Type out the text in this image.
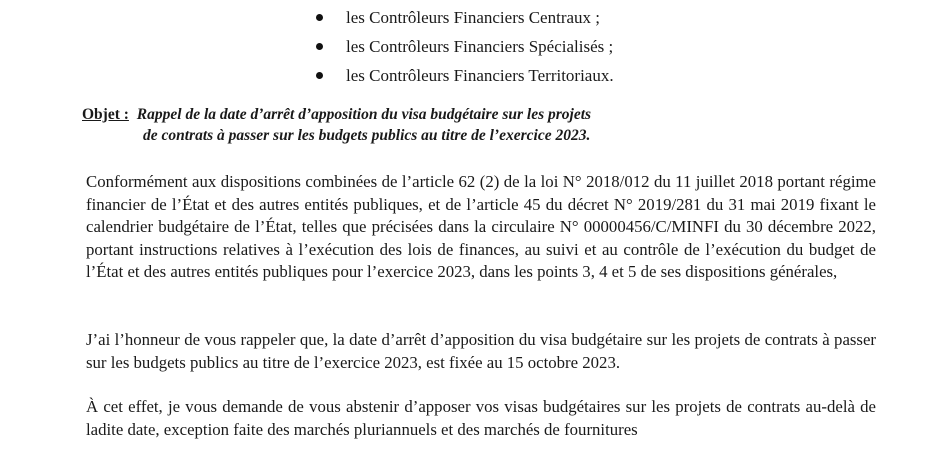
les Contrôleurs Financiers Centraux ;
les Contrôleurs Financiers Spécialisés ;
les Contrôleurs Financiers Territoriaux.
Objet : Rappel de la date d’arrêt d’apposition du visa budgétaire sur les projets
de contrats à passer sur les budgets publics au titre de l’exercice 2023.

Conformément aux dispositions combinées de l’article 62 (2) de la loi N° 2018/012 du 11 juillet 2018 portant régime financier de l’État et des autres entités publiques, et de l’article 45 du décret N° 2019/281 du 31 mai 2019 fixant le calendrier budgétaire de l’État, telles que précisées dans la circulaire N° 00000456/C/MINFI du 30 décembre 2022, portant instructions relatives à l’exécution des lois de finances, au suivi et au contrôle de l’exécution du budget de l’État et des autres entités publiques pour l’exercice 2023, dans les points 3, 4 et 5 de ses dispositions générales,

J’ai l’honneur de vous rappeler que, la date d’arrêt d’apposition du visa budgétaire sur les projets de contrats à passer sur les budgets publics au titre de l’exercice 2023, est fixée au 15 octobre 2023.

À cet effet, je vous demande de vous abstenir d’apposer vos visas budgétaires sur les projets de contrats au-delà de ladite date, exception faite des marchés pluriannuels et des marchés de fournitures
